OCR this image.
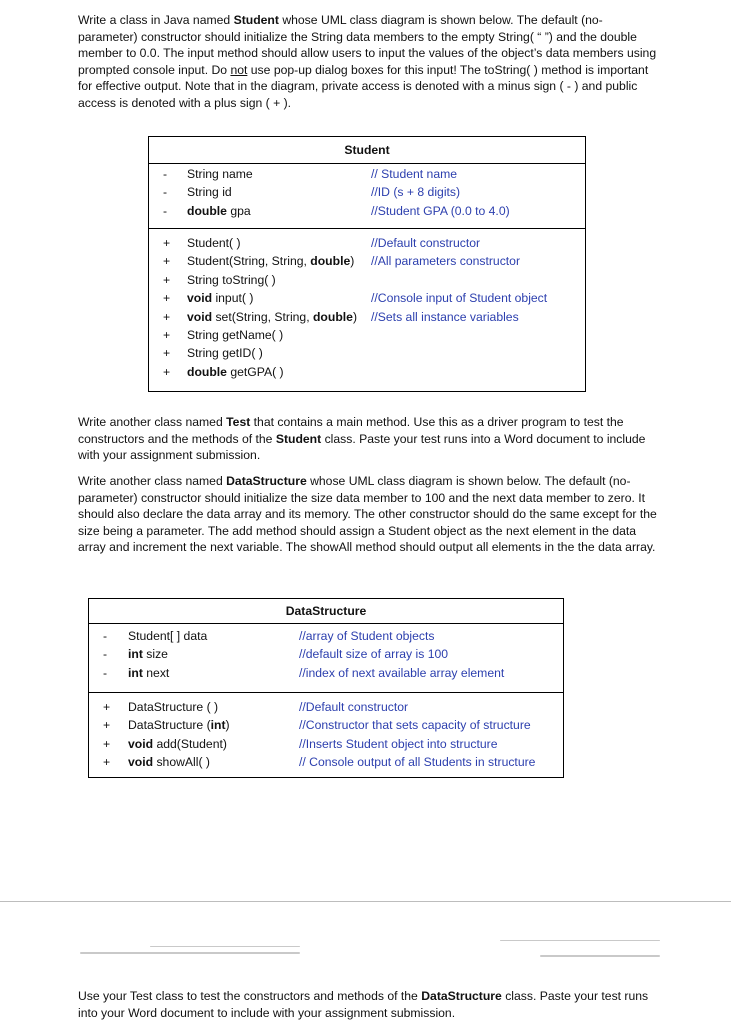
Write a class in Java named Student whose UML class diagram is shown below. The default (no-parameter) constructor should initialize the String data members to the empty String( “ ”) and the double member to 0.0. The input method should allow users to input the values of the object’s data members using prompted console input. Do not use pop-up dialog boxes for this input! The toString( ) method is important for effective output. Note that in the diagram, private access is denoted with a minus sign ( - ) and public access is denoted with a plus sign ( + ).

Student
- String name	// Student name
- String id	//ID (s + 8 digits)
- double gpa	//Student GPA (0.0 to 4.0)
+ Student( )	//Default constructor
+ Student(String, String, double) //All parameters constructor
+ String toString( )
+ void input( )	//Console input of Student object
+ void set(String, String, double) //Sets all instance variables
+ String getName( )
+ String getID( )
+ double getGPA( )

Write another class named Test that contains a main method. Use this as a driver program to test the constructors and the methods of the Student class. Paste your test runs into a Word document to include with your assignment submission.

Write another class named DataStructure whose UML class diagram is shown below. The default (no-parameter) constructor should initialize the size data member to 100 and the next data member to zero. It should also declare the data array and its memory. The other constructor should do the same except for the size being a parameter. The add method should assign a Student object as the next element in the data array and increment the next variable. The showAll method should output all elements in the the data array.

DataStructure
- Student[ ] data	//array of Student objects
- int size	//default size of array is 100
- int next	//index of next available array element
+ DataStructure ( )	//Default constructor
+ DataStructure (int)	//Constructor that sets capacity of structure
+ void add(Student)	//Inserts Student object into structure
+ void showAll( )	// Console output of all Students in structure

Use your Test class to test the constructors and methods of the DataStructure class. Paste your test runs into your Word document to include with your assignment submission.
